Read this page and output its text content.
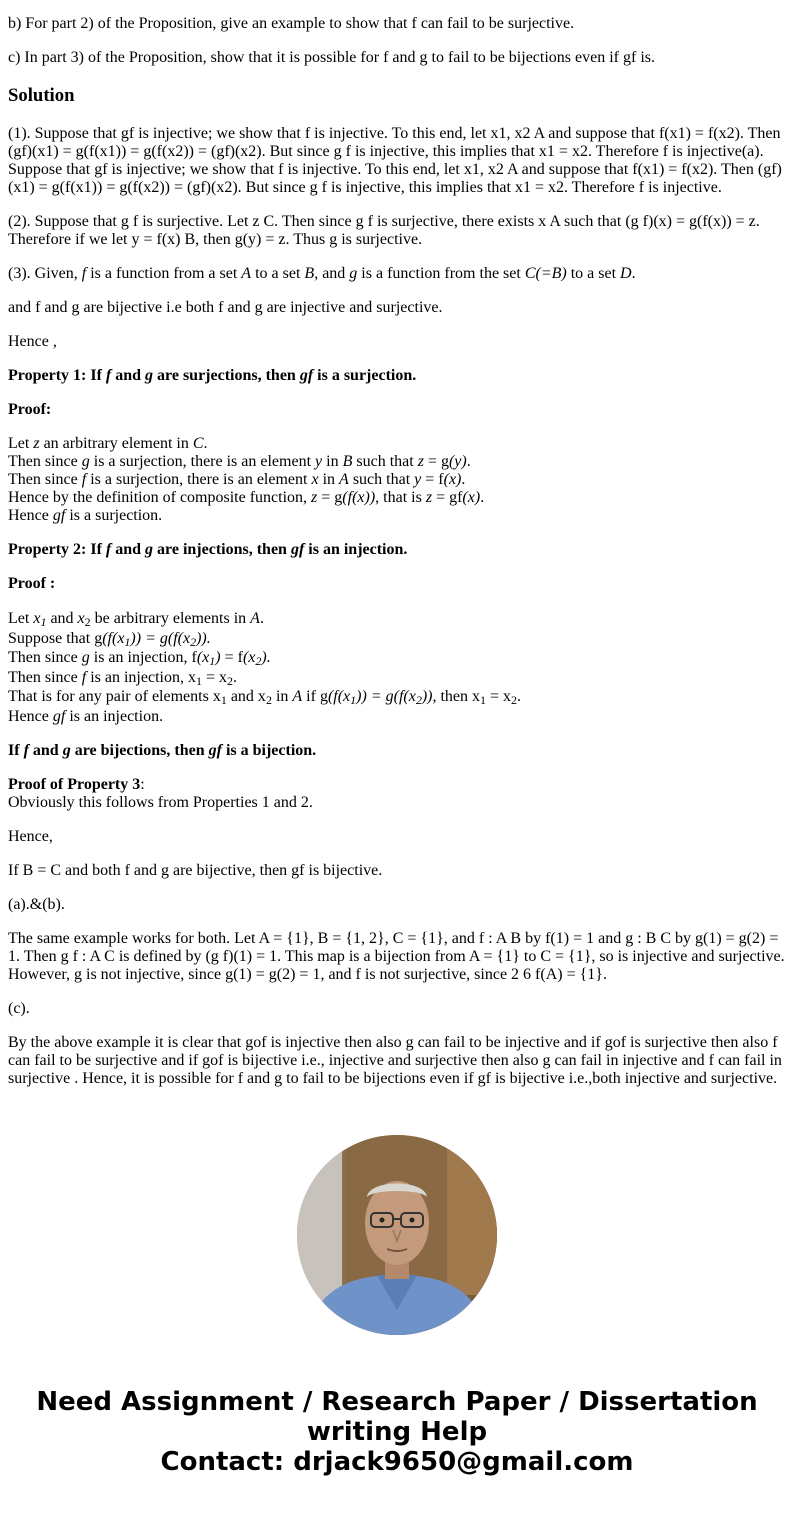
b) For part 2) of the Proposition, give an example to show that f can fail to be surjective.

c) In part 3) of the Proposition, show that it is possible for f and g to fail to be bijections even if gf is.

Solution

(1). Suppose that gf is injective; we show that f is injective. To this end, let x1, x2 A and suppose that f(x1) = f(x2). Then (gf)(x1) = g(f(x1)) = g(f(x2)) = (gf)(x2). But since g f is injective, this implies that x1 = x2. Therefore f is injective(a). Suppose that gf is injective; we show that f is injective. To this end, let x1, x2 A and suppose that f(x1) = f(x2). Then (gf)(x1) = g(f(x1)) = g(f(x2)) = (gf)(x2). But since g f is injective, this implies that x1 = x2. Therefore f is injective.

(2). Suppose that g f is surjective. Let z C. Then since g f is surjective, there exists x A such that (g f)(x) = g(f(x)) = z. Therefore if we let y = f(x) B, then g(y) = z. Thus g is surjective.

(3). Given, f is a function from a set A to a set B, and g is a function from the set C(=B) to a set D.

and f and g are bijective i.e both f and g are injective and surjective.

Hence ,

Property 1: If f and g are surjections, then gf is a surjection.

Proof:

Let z an arbitrary element in C.
Then since g is a surjection, there is an element y in B such that z = g(y).
Then since f is a surjection, there is an element x in A such that y = f(x).
Hence by the definition of composite function, z = g(f(x)), that is z = gf(x).
Hence gf is a surjection.

Property 2: If f and g are injections, then gf is an injection.

Proof :

Let $x_1$ and $x_2$ be arbitrary elements in A.
Suppose that $g(f(x_1)) = g(f(x_2))$.
Then since g is an injection, $f(x_1) = f(x_2)$.
Then since f is an injection, $x_1 = x_2$.
That is for any pair of elements $x_1$ and $x_2$ in A if $g(f(x_1)) = g(f(x_2))$, then $x_1 = x_2$.
Hence gf is an injection.

If f and g are bijections, then gf is a bijection.

Proof of Property 3:
Obviously this follows from Properties 1 and 2.

Hence,

If B = C and both f and g are bijective, then gf is bijective.

(a).&(b).

The same example works for both. Let A = {1}, B = {1, 2}, C = {1}, and f : A B by f(1) = 1 and g : B C by g(1) = g(2) = 1. Then g f : A C is defined by (g f)(1) = 1. This map is a bijection from A = {1} to C = {1}, so is injective and surjective. However, g is not injective, since g(1) = g(2) = 1, and f is not surjective, since 2 6 f(A) = {1}.

(c).

By the above example it is clear that gof is injective then also g can fail to be injective and if gof is surjective then also f can fail to be surjective and if gof is bijective i.e., injective and surjective then also g can fail in injective and f can fail in surjective . Hence, it is possible for f and g to fail to be bijections even if gf is bijective i.e.,both injective and surjective.

Need Assignment / Research Paper / Dissertation
writing Help
Contact: drjack9650@gmail.com
